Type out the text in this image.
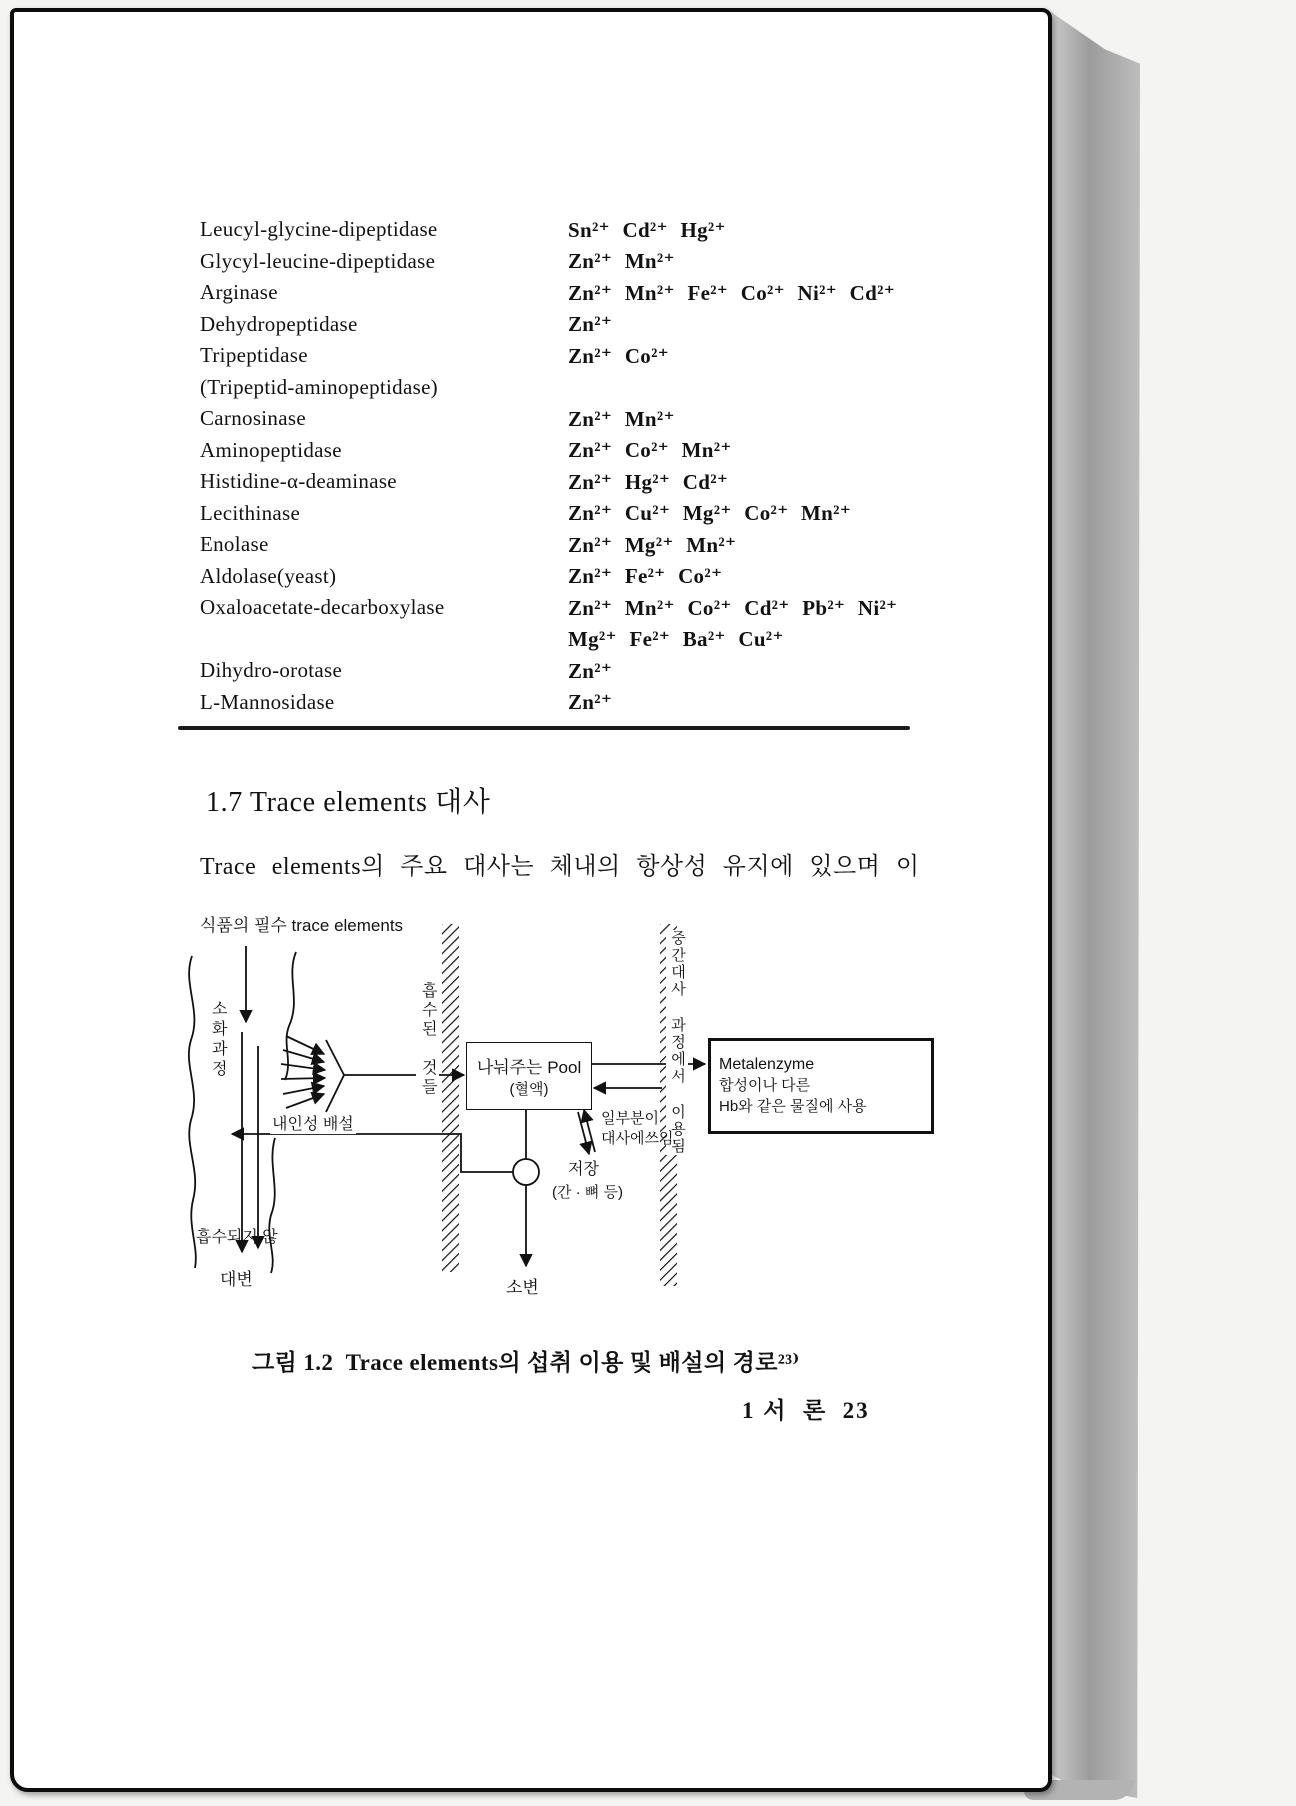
Leucyl-glycine-dipeptidase	Sn²⁺ Cd²⁺ Hg²⁺
Glycyl-leucine-dipeptidase	Zn²⁺ Mn²⁺
Arginase	Zn²⁺ Mn²⁺ Fe²⁺ Co²⁺ Ni²⁺ Cd²⁺
Dehydropeptidase	Zn²⁺
Tripeptidase	Zn²⁺ Co²⁺
(Tripeptid-aminopeptidase)
Carnosinase	Zn²⁺ Mn²⁺
Aminopeptidase	Zn²⁺ Co²⁺ Mn²⁺
Histidine-α-deaminase	Zn²⁺ Hg²⁺ Cd²⁺
Lecithinase	Zn²⁺ Cu²⁺ Mg²⁺ Co²⁺ Mn²⁺
Enolase	Zn²⁺ Mg²⁺ Mn²⁺
Aldolase(yeast)	Zn²⁺ Fe²⁺ Co²⁺
Oxaloacetate-decarboxylase	Zn²⁺ Mn²⁺ Co²⁺ Cd²⁺ Pb²⁺ Ni²⁺
Mg²⁺ Fe²⁺ Ba²⁺ Cu²⁺
Dihydro-orotase	Zn²⁺
L-Mannosidase	Zn²⁺
1.7 Trace elements 대사
Trace elements의 주요 대사는 체내의 항상성 유지에 있으며 이
식품의 필수 trace elements
소화과정	흡수된 것들	중간대사 과정에서 이용됨
나눠주는 Pool
(혈액)
Metalenzyme
합성이나 다른
Hb와 같은 물질에 사용
내인성 배설	일부분이
대사에쓰임
저장
(간 · 뼈 등)
흡수되지 않
대변	소변
그림 1.2  Trace elements의 섭취 이용 및 배설의 경로²³⁾
1 서  론  23
